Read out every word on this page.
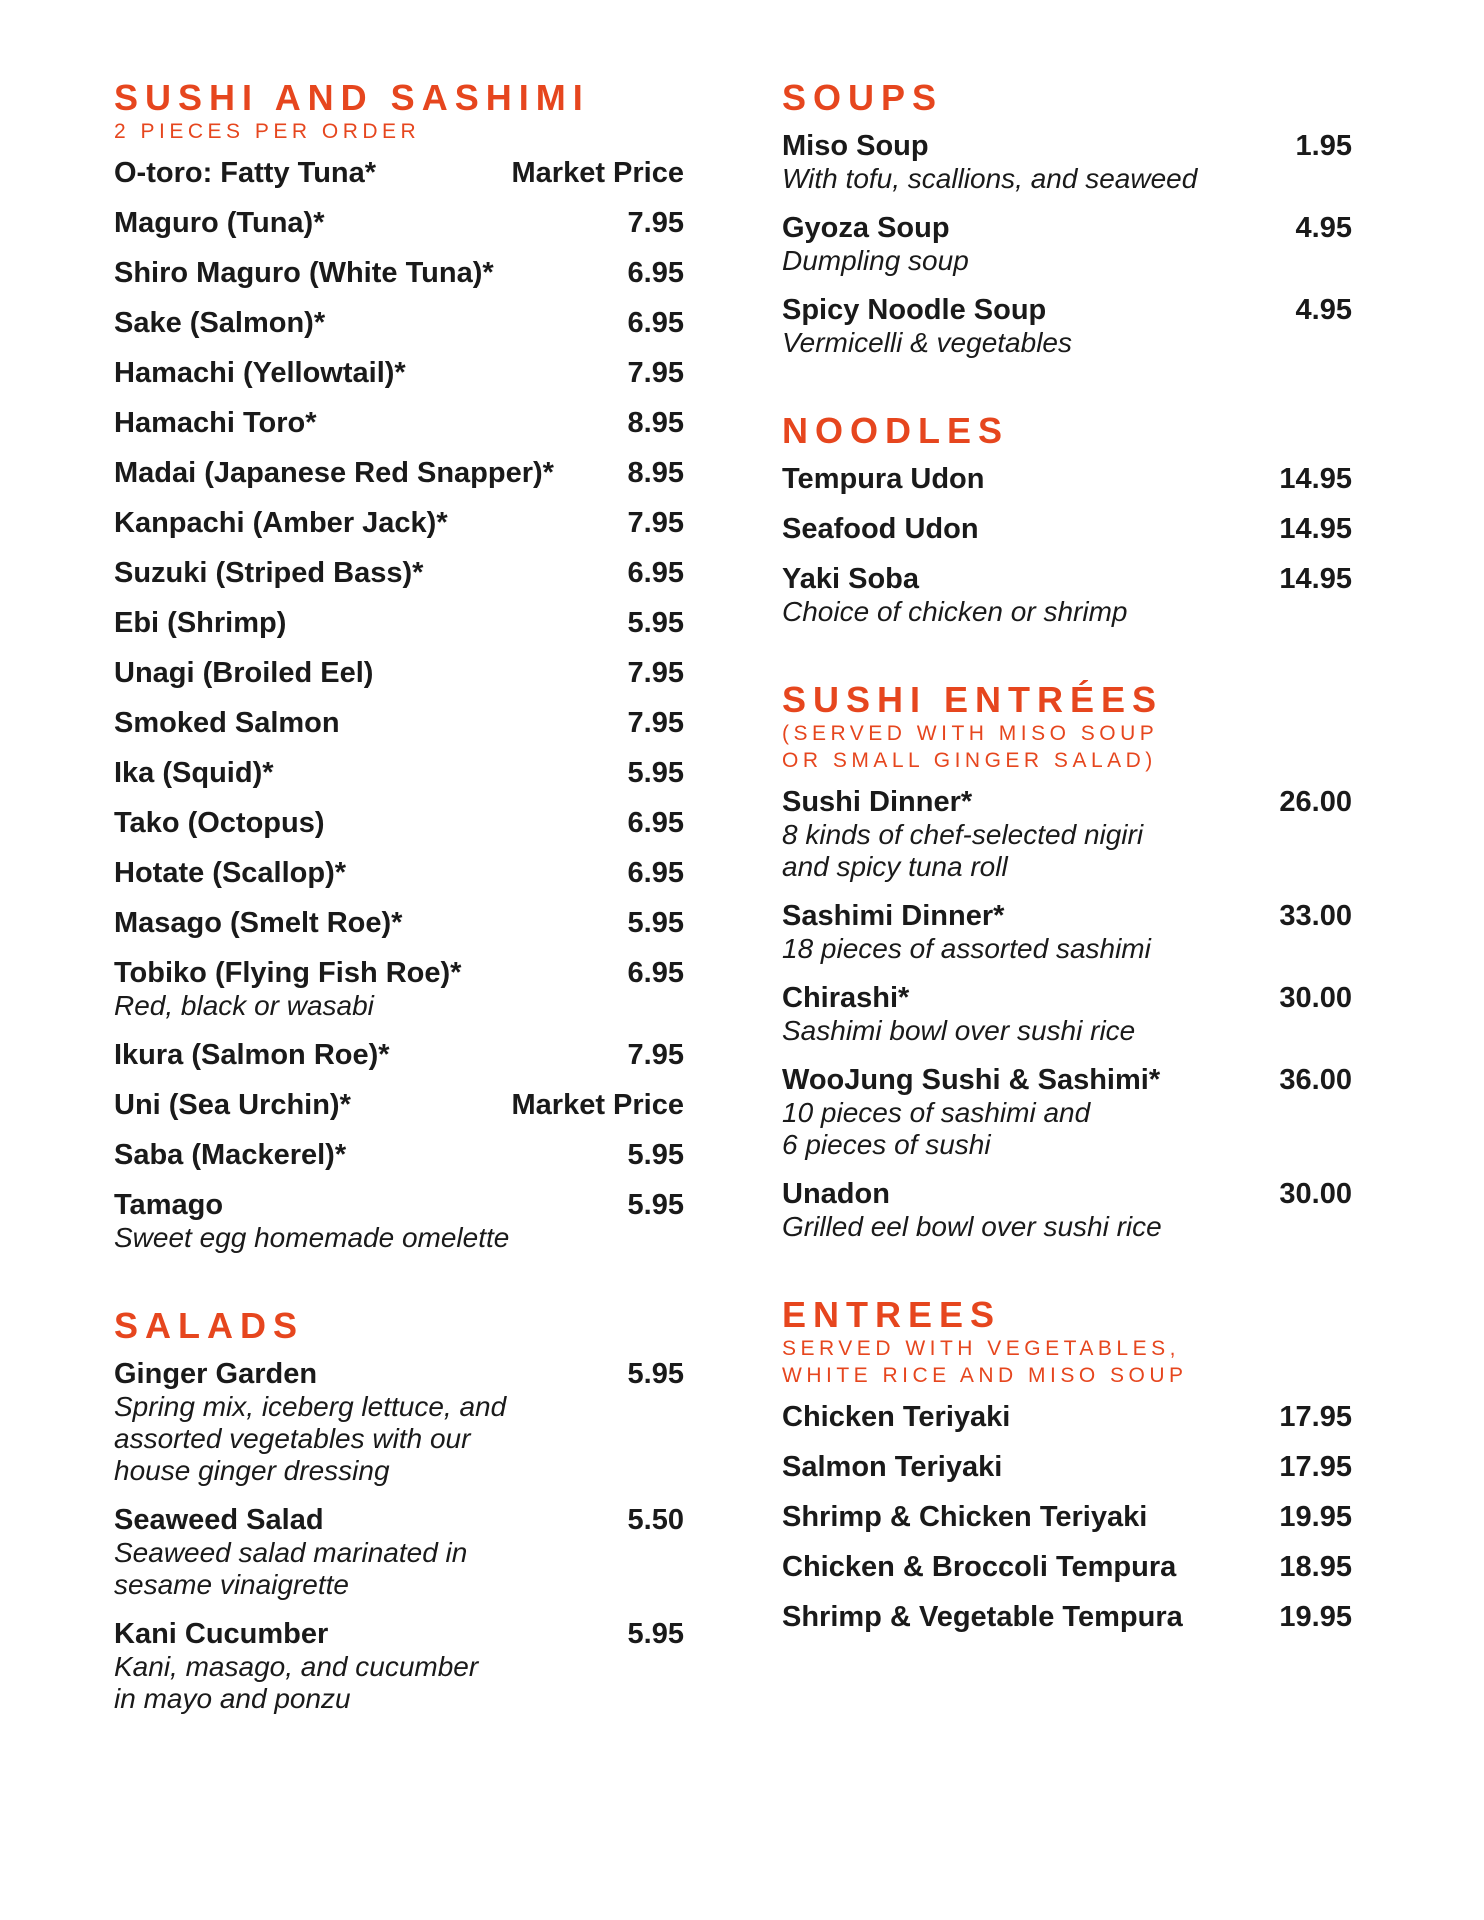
SUSHI AND SASHIMI
2 PIECES PER ORDER
O-toro: Fatty Tuna*	Market Price
Maguro (Tuna)*	7.95
Shiro Maguro (White Tuna)*	6.95
Sake (Salmon)*	6.95
Hamachi (Yellowtail)*	7.95
Hamachi Toro*	8.95
Madai (Japanese Red Snapper)*	8.95
Kanpachi (Amber Jack)*	7.95
Suzuki (Striped Bass)*	6.95
Ebi (Shrimp)	5.95
Unagi (Broiled Eel)	7.95
Smoked Salmon	7.95
Ika (Squid)*	5.95
Tako (Octopus)	6.95
Hotate (Scallop)*	6.95
Masago (Smelt Roe)*	5.95
Tobiko (Flying Fish Roe)*	6.95
Red, black or wasabi
Ikura (Salmon Roe)*	7.95
Uni (Sea Urchin)*	Market Price
Saba (Mackerel)*	5.95
Tamago	5.95
Sweet egg homemade omelette
SALADS
Ginger Garden	5.95
Spring mix, iceberg lettuce, and
assorted vegetables with our
house ginger dressing
Seaweed Salad	5.50
Seaweed salad marinated in
sesame vinaigrette
Kani Cucumber	5.95
Kani, masago, and cucumber
in mayo and ponzu
SOUPS
Miso Soup	1.95
With tofu, scallions, and seaweed
Gyoza Soup	4.95
Dumpling soup
Spicy Noodle Soup	4.95
Vermicelli & vegetables
NOODLES
Tempura Udon	14.95
Seafood Udon	14.95
Yaki Soba	14.95
Choice of chicken or shrimp
SUSHI ENTRÉES
(SERVED WITH MISO SOUP
OR SMALL GINGER SALAD)
Sushi Dinner*	26.00
8 kinds of chef-selected nigiri
and spicy tuna roll
Sashimi Dinner*	33.00
18 pieces of assorted sashimi
Chirashi*	30.00
Sashimi bowl over sushi rice
WooJung Sushi & Sashimi*	36.00
10 pieces of sashimi and
6 pieces of sushi
Unadon	30.00
Grilled eel bowl over sushi rice
ENTREES
SERVED WITH VEGETABLES,
WHITE RICE AND MISO SOUP
Chicken Teriyaki	17.95
Salmon Teriyaki	17.95
Shrimp & Chicken Teriyaki	19.95
Chicken & Broccoli Tempura	18.95
Shrimp & Vegetable Tempura	19.95
